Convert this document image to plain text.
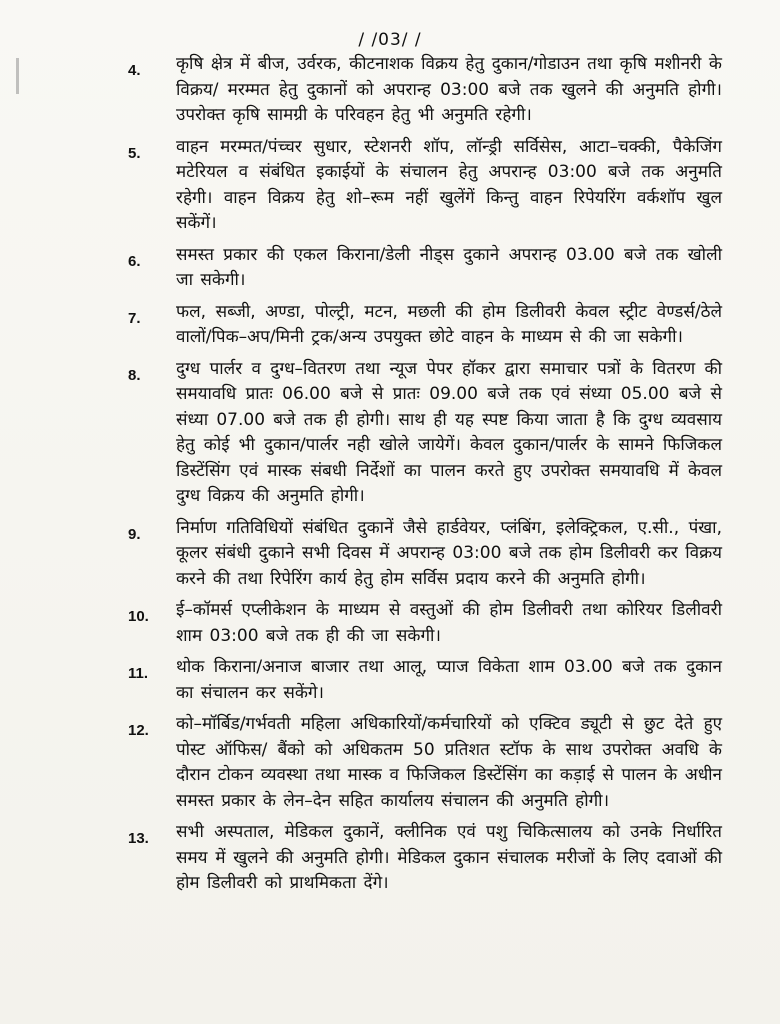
/ /03/ /
4. कृषि क्षेत्र में बीज, उर्वरक, कीटनाशक विक्रय हेतु दुकान/गोडाउन तथा कृषि मशीनरी के विक्रय/ मरम्मत हेतु दुकानों को अपरान्ह 03:00 बजे तक खुलने की अनुमति होगी। उपरोक्त कृषि सामग्री के परिवहन हेतु भी अनुमति रहेगी।
5. वाहन मरम्मत/पंच्चर सुधार, स्टेशनरी शॉप, लॉन्ड्री सर्विसेस, आटा–चक्की, पैकेजिंग मटेरियल व संबंधित इकाईयों के संचालन हेतु अपरान्ह 03:00 बजे तक अनुमति रहेगी। वाहन विक्रय हेतु शो–रूम नहीं खुलेंगें किन्तु वाहन रिपेयरिंग वर्कशॉप खुल सकेंगें।
6. समस्त प्रकार की एकल किराना/डेली नीड्स दुकाने अपरान्ह 03.00 बजे तक खोली जा सकेगी।
7. फल, सब्जी, अण्डा, पोल्ट्री, मटन, मछली की होम डिलीवरी केवल स्ट्रीट वेण्डर्स/ठेले वालों/पिक–अप/मिनी ट्रक/अन्य उपयुक्त छोटे वाहन के माध्यम से की जा सकेगी।
8. दुग्ध पार्लर व दुग्ध–वितरण तथा न्यूज पेपर हॉकर द्वारा समाचार पत्रों के वितरण की समयावधि प्रातः 06.00 बजे से प्रातः 09.00 बजे तक एवं संध्या 05.00 बजे से संध्या 07.00 बजे तक ही होगी। साथ ही यह स्पष्ट किया जाता है कि दुग्ध व्यवसाय हेतु कोई भी दुकान/पार्लर नही खोले जायेगें। केवल दुकान/पार्लर के सामने फिजिकल डिस्टेंसिंग एवं मास्क संबधी निर्देशों का पालन करते हुए उपरोक्त समयावधि में केवल दुग्ध विक्रय की अनुमति होगी।
9. निर्माण गतिविधियों संबंधित दुकानें जैसे हार्डवेयर, प्लंबिंग, इलेक्ट्रिकल, ए.सी., पंखा, कूलर संबंधी दुकाने सभी दिवस में अपरान्ह 03:00 बजे तक होम डिलीवरी कर विक्रय करने की तथा रिपेरिंग कार्य हेतु होम सर्विस प्रदाय करने की अनुमति होगी।
10. ई–कॉमर्स एप्लीकेशन के माध्यम से वस्तुओं की होम डिलीवरी तथा कोरियर डिलीवरी शाम 03:00 बजे तक ही की जा सकेगी।
11. थोक किराना/अनाज बाजार तथा आलू, प्याज विकेता शाम 03.00 बजे तक दुकान का संचालन कर सकेंगे।
12. को–मॉर्बिड/गर्भवती महिला अधिकारियों/कर्मचारियों को एक्टिव ड्यूटी से छुट देते हुए पोस्ट ऑफिस/ बैंको को अधिकतम 50 प्रतिशत स्टॉफ के साथ उपरोक्त अवधि के दौरान टोकन व्यवस्था तथा मास्क व फिजिकल डिस्टेंसिंग का कड़ाई से पालन के अधीन समस्त प्रकार के लेन–देन सहित कार्यालय संचालन की अनुमति होगी।
13. सभी अस्पताल, मेडिकल दुकानें, क्लीनिक एवं पशु चिकित्सालय को उनके निर्धारित समय में खुलने की अनुमति होगी। मेडिकल दुकान संचालक मरीजों के लिए दवाओं की होम डिलीवरी को प्राथमिकता देंगे।
